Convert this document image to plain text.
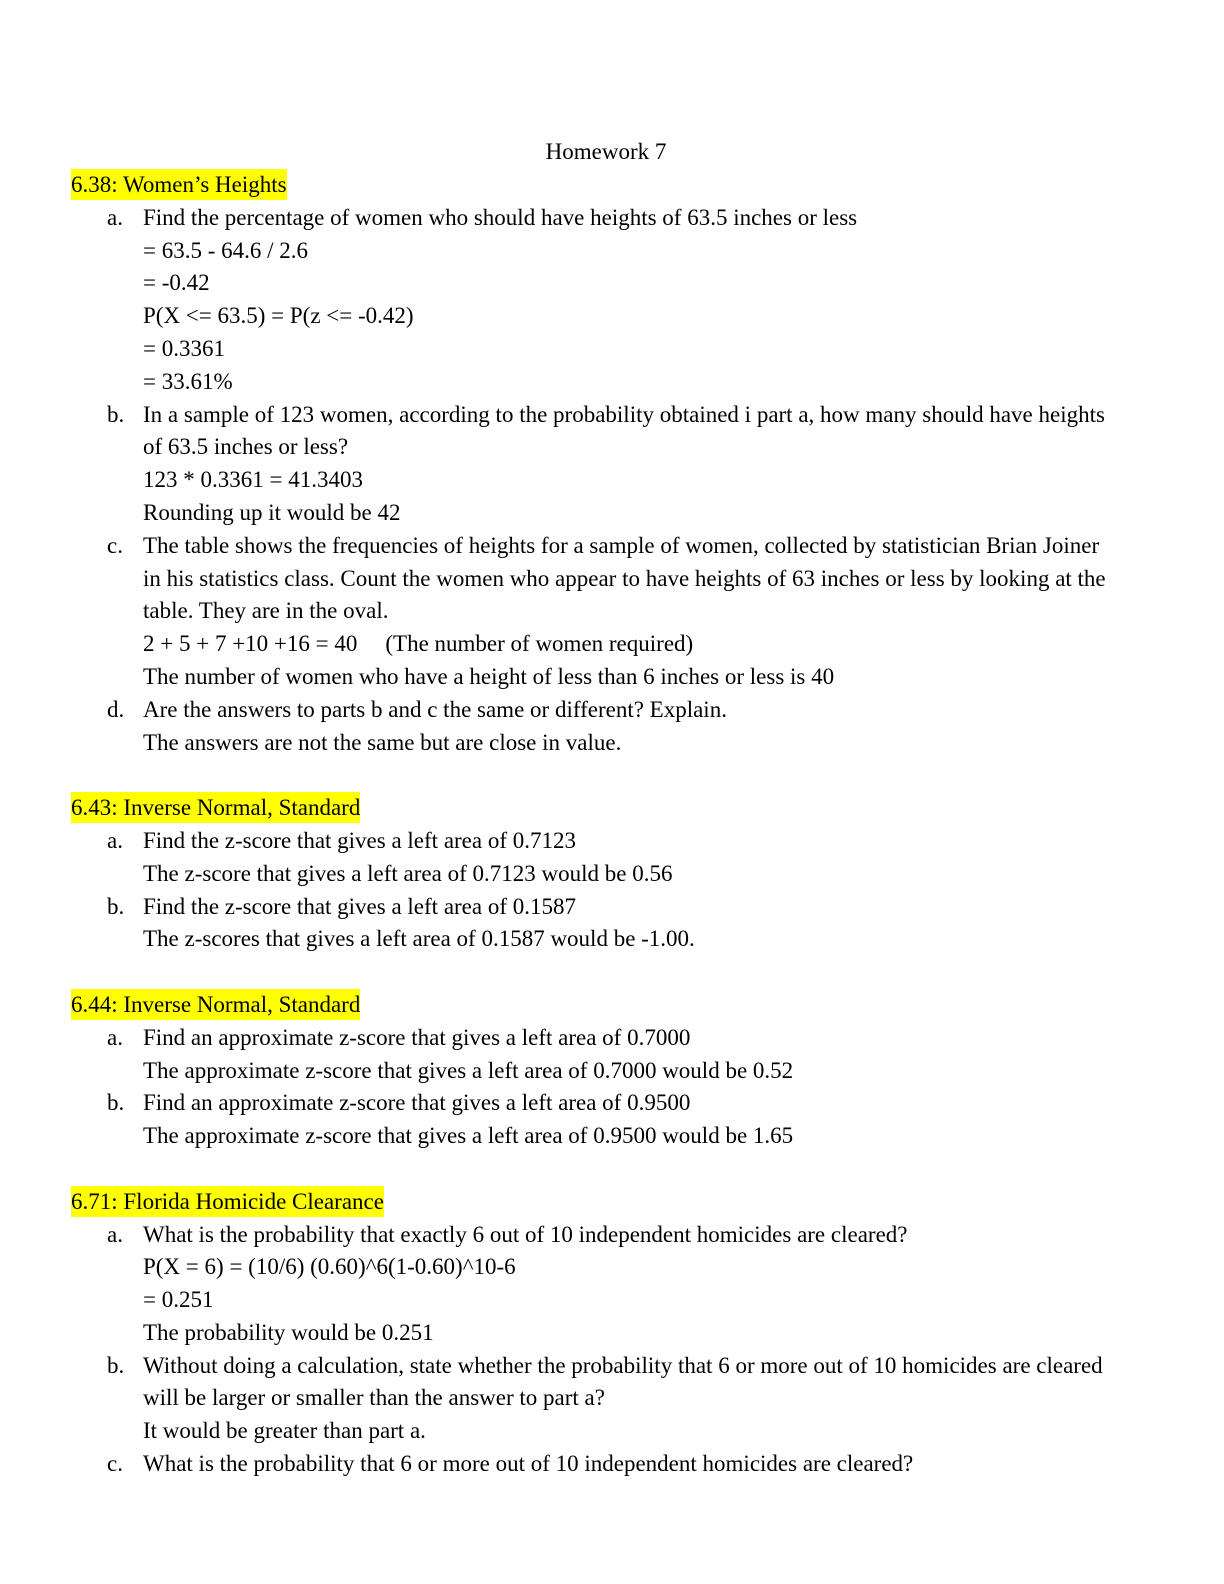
Homework 7
6.38: Women’s Heights
a. Find the percentage of women who should have heights of 63.5 inches or less
= 63.5 - 64.6 / 2.6
= -0.42
P(X <= 63.5) = P(z <= -0.42)
= 0.3361
= 33.61%
b. In a sample of 123 women, according to the probability obtained i part a, how many should have heights
of 63.5 inches or less?
123 * 0.3361 = 41.3403
Rounding up it would be 42
c. The table shows the frequencies of heights for a sample of women, collected by statistician Brian Joiner
in his statistics class. Count the women who appear to have heights of 63 inches or less by looking at the
table. They are in the oval.
2 + 5 + 7 +10 +16 = 40 (The number of women required)
The number of women who have a height of less than 6 inches or less is 40
d. Are the answers to parts b and c the same or different? Explain.
The answers are not the same but are close in value.
6.43: Inverse Normal, Standard
a. Find the z-score that gives a left area of 0.7123
The z-score that gives a left area of 0.7123 would be 0.56
b. Find the z-score that gives a left area of 0.1587
The z-scores that gives a left area of 0.1587 would be -1.00.
6.44: Inverse Normal, Standard
a. Find an approximate z-score that gives a left area of 0.7000
The approximate z-score that gives a left area of 0.7000 would be 0.52
b. Find an approximate z-score that gives a left area of 0.9500
The approximate z-score that gives a left area of 0.9500 would be 1.65
6.71: Florida Homicide Clearance
a. What is the probability that exactly 6 out of 10 independent homicides are cleared?
P(X = 6) = (10/6) (0.60)^6(1-0.60)^10-6
= 0.251
The probability would be 0.251
b. Without doing a calculation, state whether the probability that 6 or more out of 10 homicides are cleared
will be larger or smaller than the answer to part a?
It would be greater than part a.
c. What is the probability that 6 or more out of 10 independent homicides are cleared?
